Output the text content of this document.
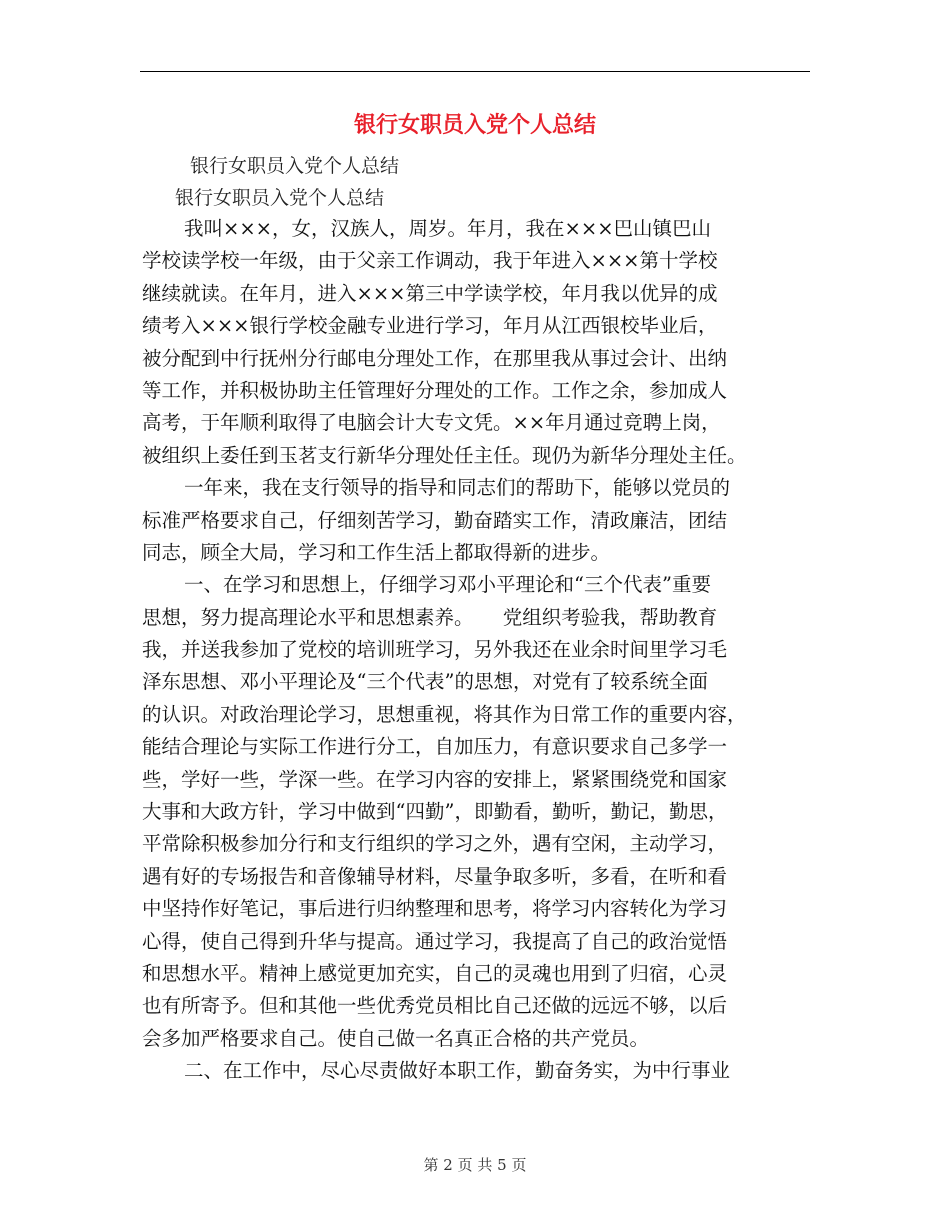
银行女职员入党个人总结

银行女职员入党个人总结

银行女职员入党个人总结

我叫×××，女，汉族人，周岁。年月，我在×××巴山镇巴山
学校读学校一年级，由于父亲工作调动，我于年进入×××第十学校
继续就读。在年月，进入×××第三中学读学校，年月我以优异的成
绩考入×××银行学校金融专业进行学习，年月从江西银校毕业后，
被分配到中行抚州分行邮电分理处工作，在那里我从事过会计、出纳
等工作，并积极协助主任管理好分理处的工作。工作之余，参加成人
高考，于年顺利取得了电脑会计大专文凭。××年月通过竞聘上岗，
被组织上委任到玉茗支行新华分理处任主任。现仍为新华分理处主任。
一年来，我在支行领导的指导和同志们的帮助下，能够以党员的
标准严格要求自己，仔细刻苦学习，勤奋踏实工作，清政廉洁，团结
同志，顾全大局，学习和工作生活上都取得新的进步。
一、在学习和思想上，仔细学习邓小平理论和“三个代表”重要
思想，努力提高理论水平和思想素养。　　党组织考验我，帮助教育
我，并送我参加了党校的培训班学习，另外我还在业余时间里学习毛
泽东思想、邓小平理论及“三个代表”的思想，对党有了较系统全面
的认识。对政治理论学习，思想重视，将其作为日常工作的重要内容，
能结合理论与实际工作进行分工，自加压力，有意识要求自己多学一
些，学好一些，学深一些。在学习内容的安排上，紧紧围绕党和国家
大事和大政方针，学习中做到“四勤”，即勤看，勤听，勤记，勤思，
平常除积极参加分行和支行组织的学习之外，遇有空闲，主动学习，
遇有好的专场报告和音像辅导材料，尽量争取多听，多看，在听和看
中坚持作好笔记，事后进行归纳整理和思考，将学习内容转化为学习
心得，使自己得到升华与提高。通过学习，我提高了自己的政治觉悟
和思想水平。精神上感觉更加充实，自己的灵魂也用到了归宿，心灵
也有所寄予。但和其他一些优秀党员相比自己还做的远远不够，以后
会多加严格要求自己。使自己做一名真正合格的共产党员。
二、在工作中，尽心尽责做好本职工作，勤奋务实，为中行事业
第 2 页 共 5 页
